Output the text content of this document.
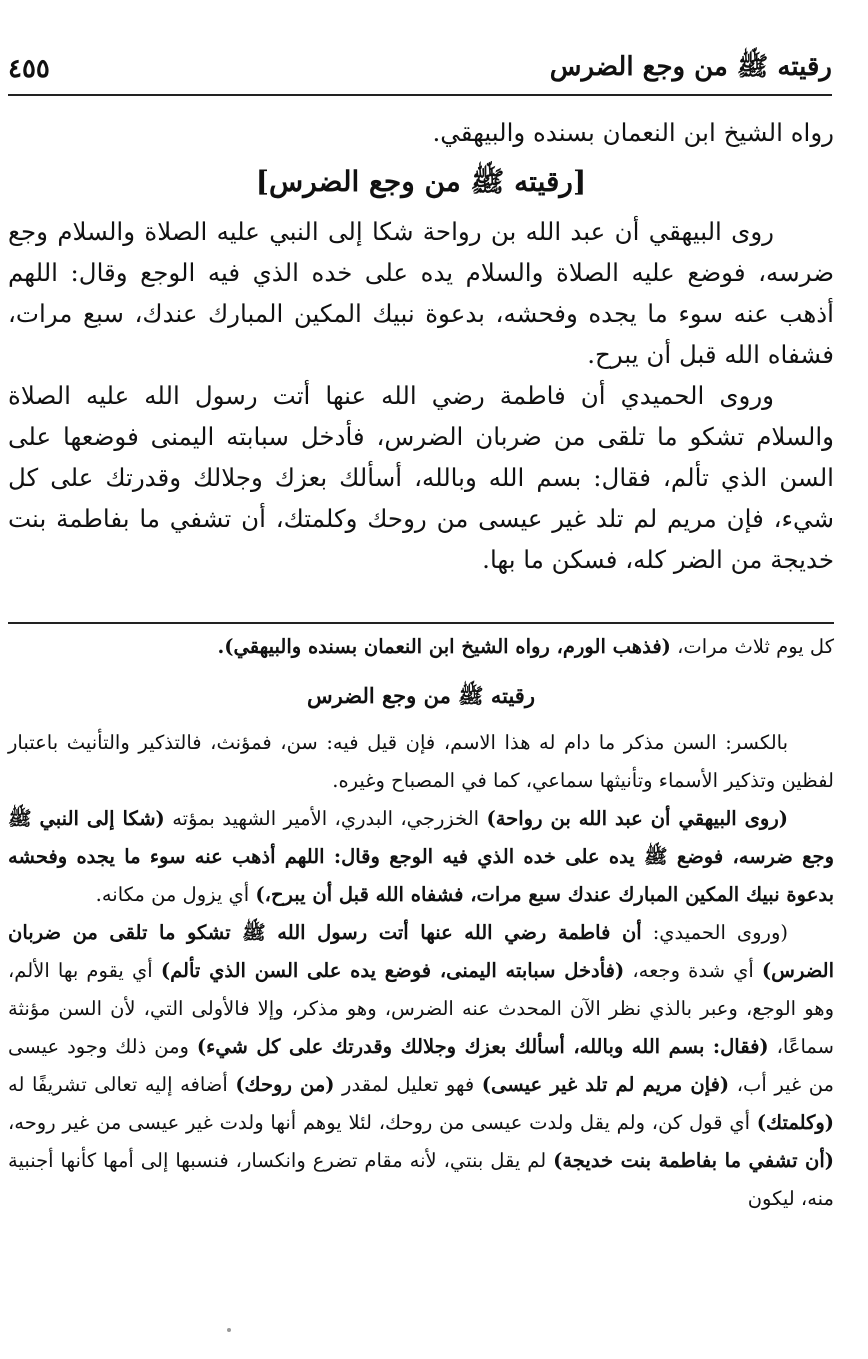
رقيته ﷺ من وجع الضرس
٤٥٥

رواه الشيخ ابن النعمان بسنده والبيهقي.

[رقيته ﷺ من وجع الضرس]

روى البيهقي أن عبد الله بن رواحة شكا إلى النبي عليه الصلاة والسلام وجع ضرسه، فوضع عليه الصلاة والسلام يده على خده الذي فيه الوجع وقال: اللهم أذهب عنه سوء ما يجده وفحشه، بدعوة نبيك المكين المبارك عندك، سبع مرات، فشفاه الله قبل أن يبرح.

وروى الحميدي أن فاطمة رضي الله عنها أتت رسول الله عليه الصلاة والسلام تشكو ما تلقى من ضربان الضرس، فأدخل سبابته اليمنى فوضعها على السن الذي تألم، فقال: بسم الله وبالله، أسألك بعزك وجلالك وقدرتك على كل شيء، فإن مريم لم تلد غير عيسى من روحك وكلمتك، أن تشفي ما بفاطمة بنت خديجة من الضر كله، فسكن ما بها.

كل يوم ثلاث مرات، (فذهب الورم، رواه الشيخ ابن النعمان بسنده والبيهقي).

رقيته ﷺ من وجع الضرس

بالكسر: السن مذكر ما دام له هذا الاسم، فإن قيل فيه: سن، فمؤنث، فالتذكير والتأنيث باعتبار لفظين وتذكير الأسماء وتأنيثها سماعي، كما في المصباح وغيره.

(روى البيهقي أن عبد الله بن رواحة) الخزرجي، البدري، الأمير الشهيد بمؤته (شكا إلى النبي ﷺ وجع ضرسه، فوضع ﷺ يده على خده الذي فيه الوجع وقال: اللهم أذهب عنه سوء ما يجده وفحشه بدعوة نبيك المكين المبارك عندك سبع مرات، فشفاه الله قبل أن يبرح،) أي يزول من مكانه.

(وروى الحميدي: أن فاطمة رضي الله عنها أتت رسول الله ﷺ تشكو ما تلقى من ضربان الضرس) أي شدة وجعه، (فأدخل سبابته اليمنى، فوضع يده على السن الذي تألم) أي يقوم بها الألم، وهو الوجع، وعبر بالذي نظر الآن المحدث عنه الضرس، وهو مذكر، وإلا فالأولى التي، لأن السن مؤنثة سماعًا، (فقال: بسم الله وبالله، أسألك بعزك وجلالك وقدرتك على كل شيء) ومن ذلك وجود عيسى من غير أب، (فإن مريم لم تلد غير عيسى) فهو تعليل لمقدر (من روحك) أضافه إليه تعالى تشريفًا له (وكلمتك) أي قول كن، ولم يقل ولدت عيسى من روحك، لئلا يوهم أنها ولدت غير عيسى من غير روحه، (أن تشفي ما بفاطمة بنت خديجة) لم يقل بنتي، لأنه مقام تضرع وانكسار، فنسبها إلى أمها كأنها أجنبية منه، ليكون
